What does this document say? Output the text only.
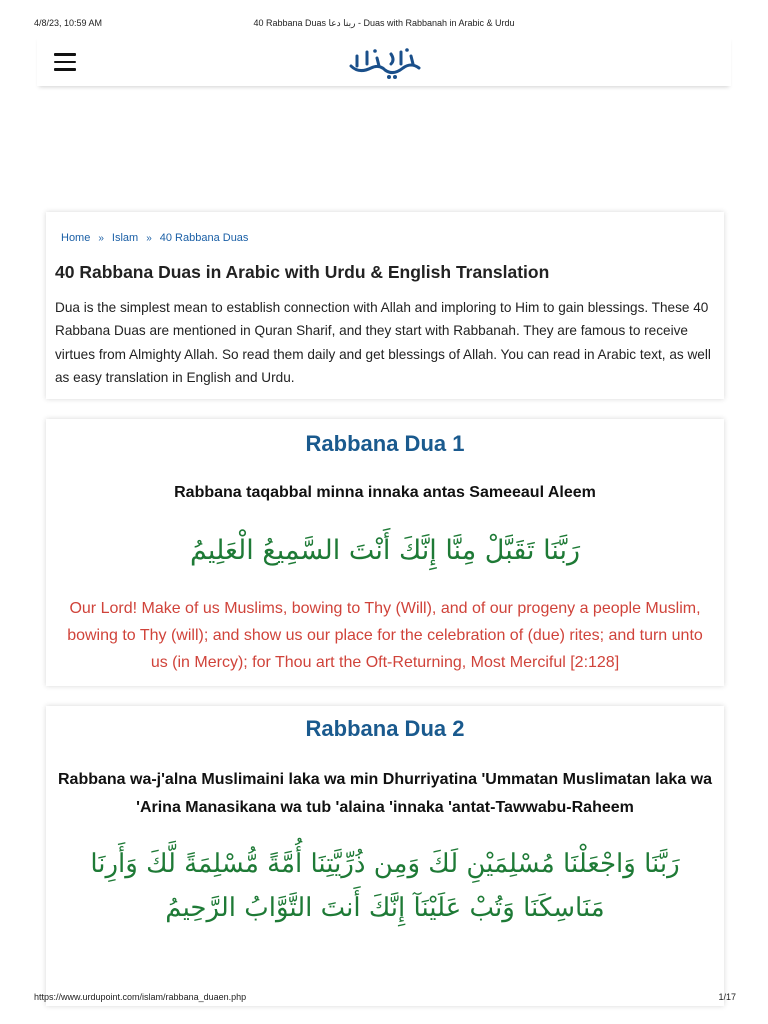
4/8/23, 10:59 AM	40 Rabbana Duas ربنا دعا - Duas with Rabbanah in Arabic & Urdu
Home » Islam » 40 Rabbana Duas
40 Rabbana Duas in Arabic with Urdu & English Translation
Dua is the simplest mean to establish connection with Allah and imploring to Him to gain blessings. These 40 Rabbana Duas are mentioned in Quran Sharif, and they start with Rabbanah. They are famous to receive virtues from Almighty Allah. So read them daily and get blessings of Allah. You can read in Arabic text, as well as easy translation in English and Urdu.
Rabbana Dua 1
Rabbana taqabbal minna innaka antas Sameeaul Aleem
رَبَّنَا تَقَبَّلْ مِنَّا إِنَّكَ أَنْتَ السَّمِيعُ الْعَلِيمُ
Our Lord! Make of us Muslims, bowing to Thy (Will), and of our progeny a people Muslim, bowing to Thy (will); and show us our place for the celebration of (due) rites; and turn unto us (in Mercy); for Thou art the Oft-Returning, Most Merciful [2:128]
Rabbana Dua 2
Rabbana wa-j'alna Muslimaini laka wa min Dhurriyatina 'Ummatan Muslimatan laka wa 'Arina Manasikana wa tub 'alaina 'innaka 'antat-Tawwabu-Raheem
رَبَّنَا وَاجْعَلْنَا مُسْلِمَيْنِ لَكَ وَمِن ذُرِّيَّتِنَا أُمَّةً مُّسْلِمَةً لَّكَ وَأَرِنَا مَنَاسِكَنَا وَتُبْ عَلَيْنَآ إِنَّكَ أَنتَ التَّوَّابُ الرَّحِيمُ
https://www.urdupoint.com/islam/rabbana_duaen.php	1/17
